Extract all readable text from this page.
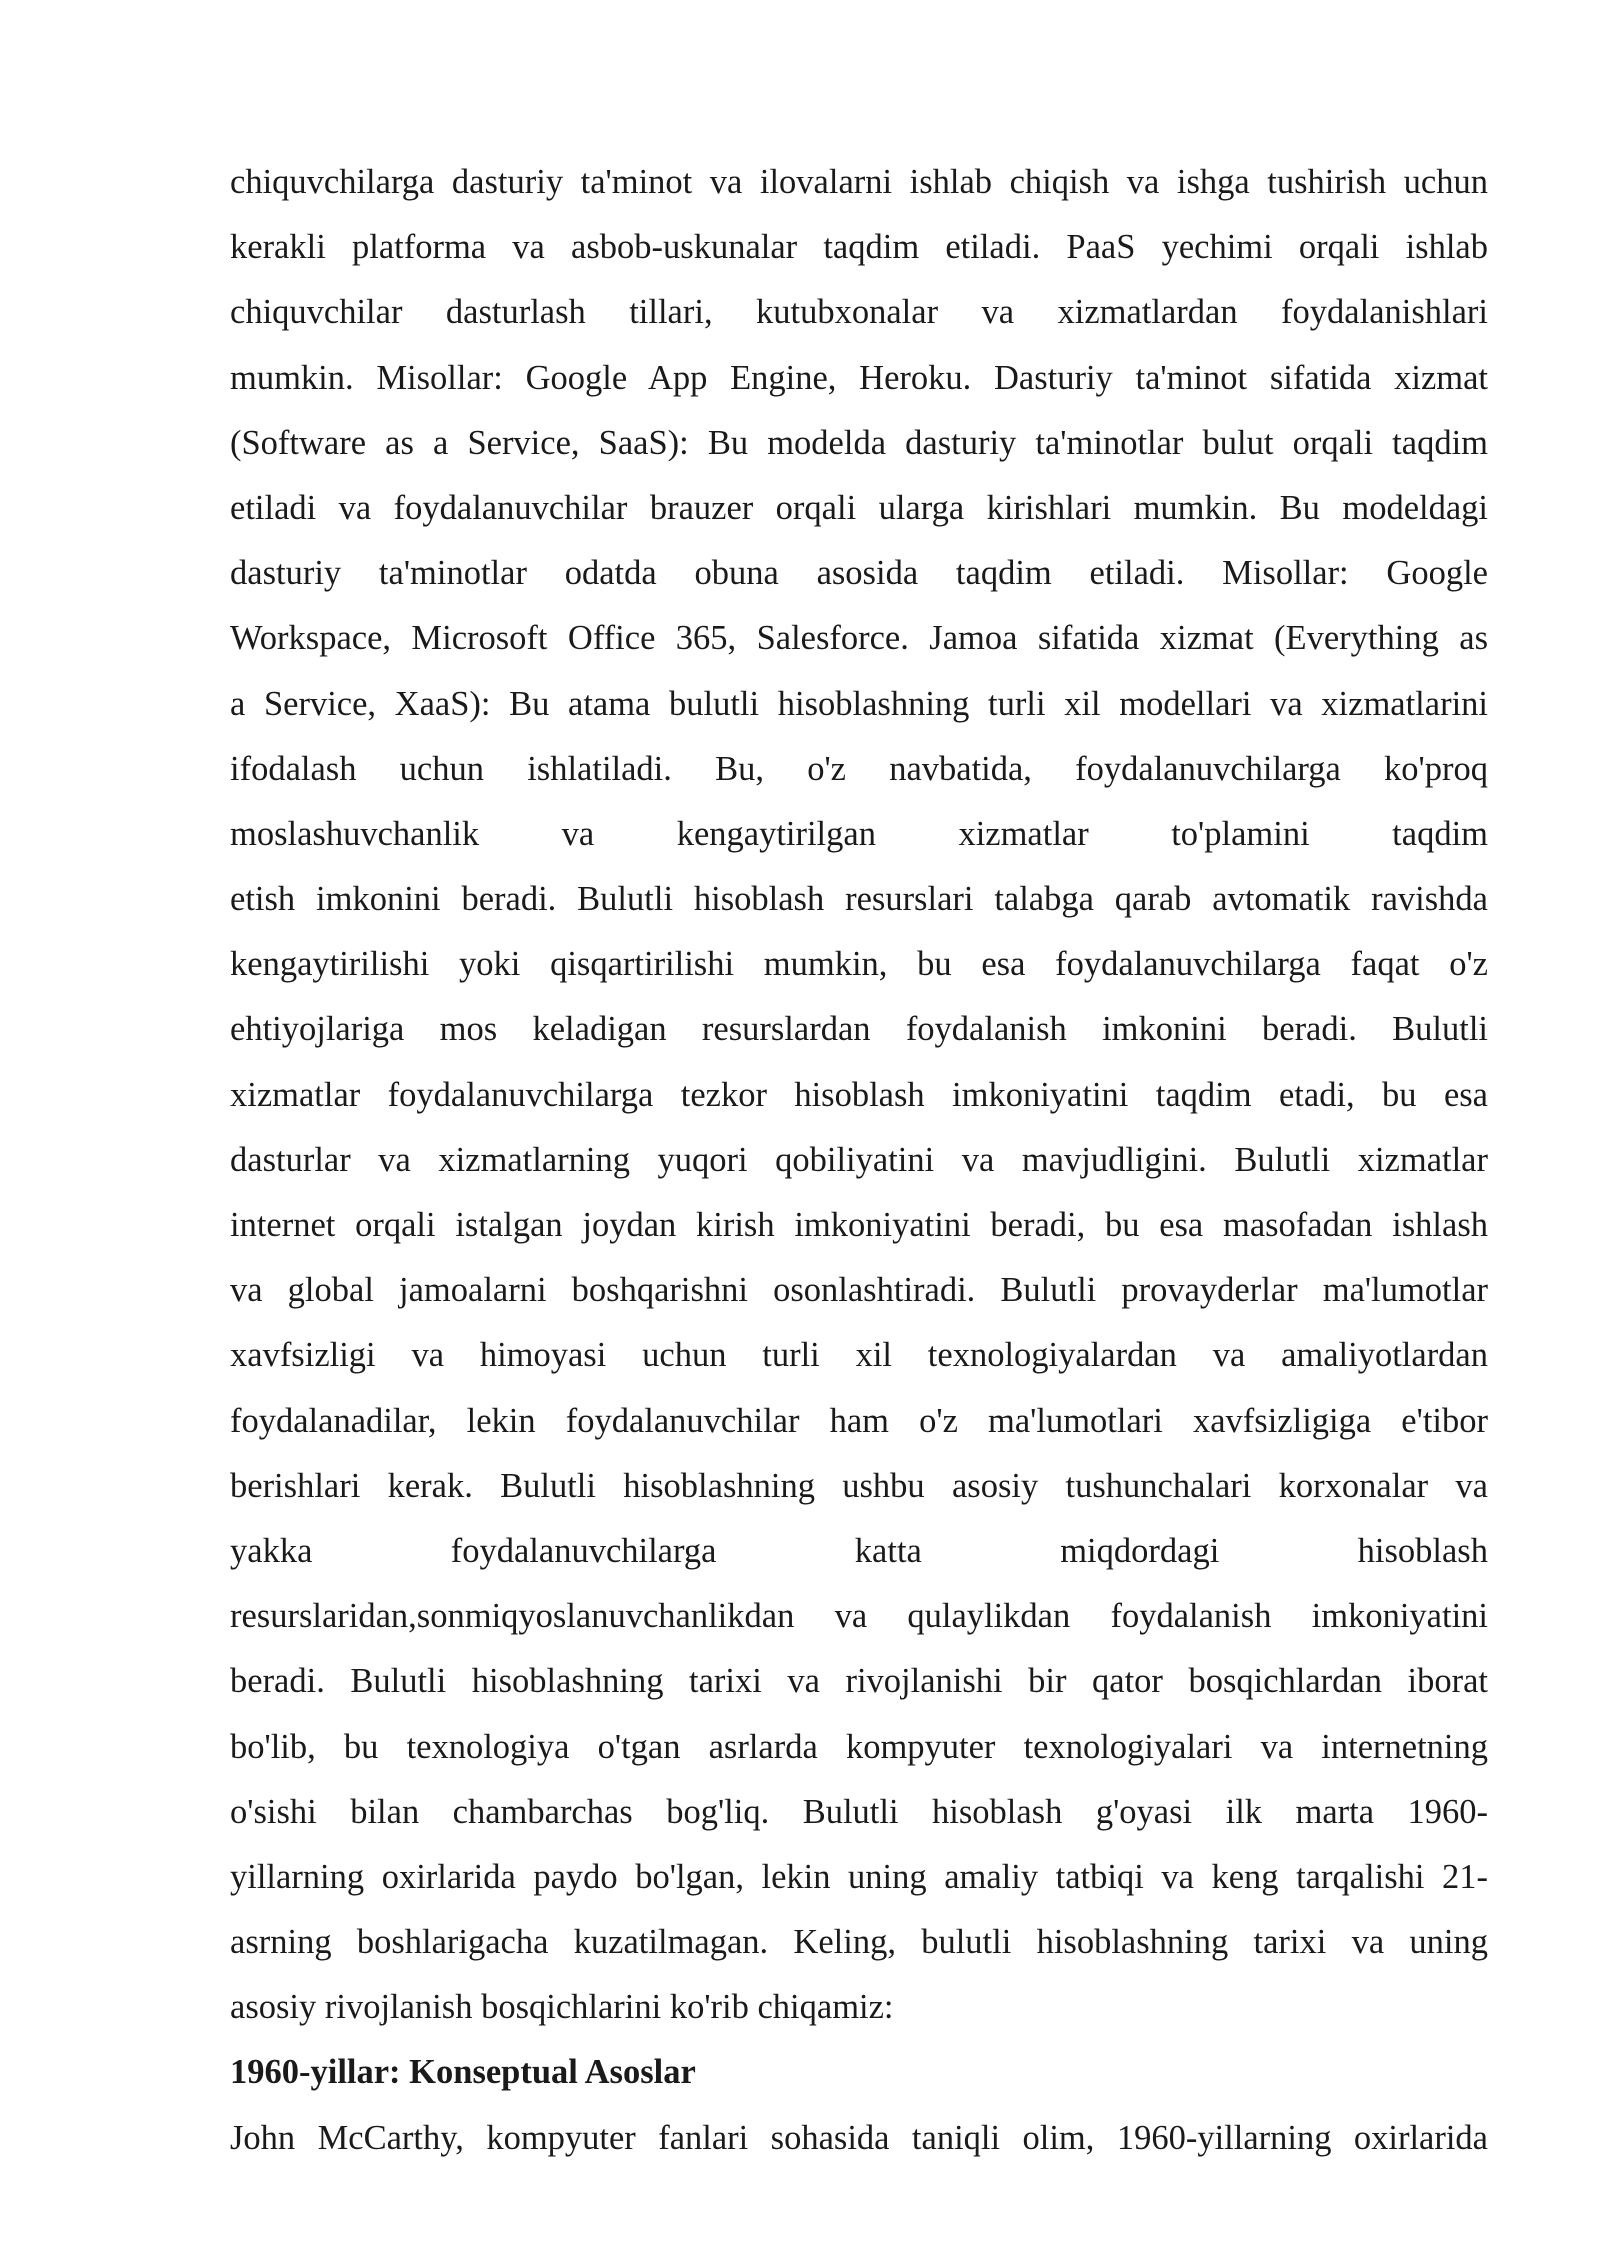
chiquvchilarga dasturiy ta'minot va ilovalarni ishlab chiqish va ishga tushirish uchun
kerakli platforma va asbob-uskunalar taqdim etiladi. PaaS yechimi orqali ishlab
chiquvchilar dasturlash tillari, kutubxonalar va xizmatlardan foydalanishlari
mumkin. Misollar: Google App Engine, Heroku. Dasturiy ta'minot sifatida xizmat
(Software as a Service, SaaS): Bu modelda dasturiy ta'minotlar bulut orqali taqdim
etiladi va foydalanuvchilar brauzer orqali ularga kirishlari mumkin. Bu modeldagi
dasturiy ta'minotlar odatda obuna asosida taqdim etiladi. Misollar: Google
Workspace, Microsoft Office 365, Salesforce. Jamoa sifatida xizmat (Everything as
a Service, XaaS): Bu atama bulutli hisoblashning turli xil modellari va xizmatlarini
ifodalash uchun ishlatiladi. Bu, o'z navbatida, foydalanuvchilarga ko'proq
moslashuvchanlik va kengaytirilgan xizmatlar to'plamini taqdim
etish imkonini beradi. Bulutli hisoblash resurslari talabga qarab avtomatik ravishda
kengaytirilishi yoki qisqartirilishi mumkin, bu esa foydalanuvchilarga faqat o'z
ehtiyojlariga mos keladigan resurslardan foydalanish imkonini beradi. Bulutli
xizmatlar foydalanuvchilarga tezkor hisoblash imkoniyatini taqdim etadi, bu esa
dasturlar va xizmatlarning yuqori qobiliyatini va mavjudligini. Bulutli xizmatlar
internet orqali istalgan joydan kirish imkoniyatini beradi, bu esa masofadan ishlash
va global jamoalarni boshqarishni osonlashtiradi. Bulutli provayderlar ma'lumotlar
xavfsizligi va himoyasi uchun turli xil texnologiyalardan va amaliyotlardan
foydalanadilar, lekin foydalanuvchilar ham o'z ma'lumotlari xavfsizligiga e'tibor
berishlari kerak. Bulutli hisoblashning ushbu asosiy tushunchalari korxonalar va
yakka foydalanuvchilarga katta miqdordagi hisoblash
resurslaridan,sonmiqyoslanuvchanlikdan va qulaylikdan foydalanish imkoniyatini
beradi. Bulutli hisoblashning tarixi va rivojlanishi bir qator bosqichlardan iborat
bo'lib, bu texnologiya o'tgan asrlarda kompyuter texnologiyalari va internetning
o'sishi bilan chambarchas bog'liq. Bulutli hisoblash g'oyasi ilk marta 1960-
yillarning oxirlarida paydo bo'lgan, lekin uning amaliy tatbiqi va keng tarqalishi 21-
asrning boshlarigacha kuzatilmagan. Keling, bulutli hisoblashning tarixi va uning
asosiy rivojlanish bosqichlarini ko'rib chiqamiz:
1960-yillar: Konseptual Asoslar
John McCarthy, kompyuter fanlari sohasida taniqli olim, 1960-yillarning oxirlarida
